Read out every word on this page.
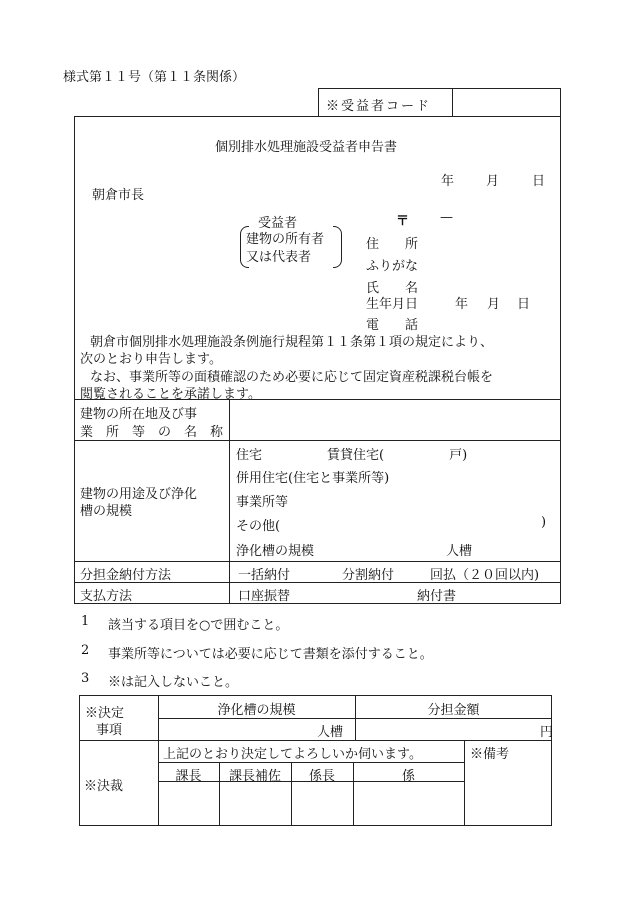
様式第１１号（第１１条関係）
※受益者コード
個別排水処理施設受益者申告書
年 月	日
朝倉市長
受益者
建物の所有者
又は代表者
〒 —
住　　所
ふりがな
氏　　名
生年月日	年 月 日
電　　話
朝倉市個別排水処理施設条例施行規程第１１条第１項の規定により、
次のとおり申告します。
なお、事業所等の面積確認のため必要に応じて固定資産税課税台帳を
閲覧されることを承諾します。
建物の所在地及び事
業　所　等　の　名　称
建物の用途及び浄化
槽の規模
住宅	賃貸住宅(　　　　　戸)
併用住宅(住宅と事業所等)
事業所等
その他(	)
浄化槽の規模	人槽
分担金納付方法	一括納付	分割納付	回払（２０回以内)
支払方法	口座振替	納付書
1 該当する項目を○で囲むこと。
2 事業所等については必要に応じて書類を添付すること。
3 ※は記入しないこと。
※決定
事項
浄化槽の規模	分担金額
人槽	円
※決裁
上記のとおり決定してよろしいか伺います。	※備考
課長	課長補佐	係長	係
